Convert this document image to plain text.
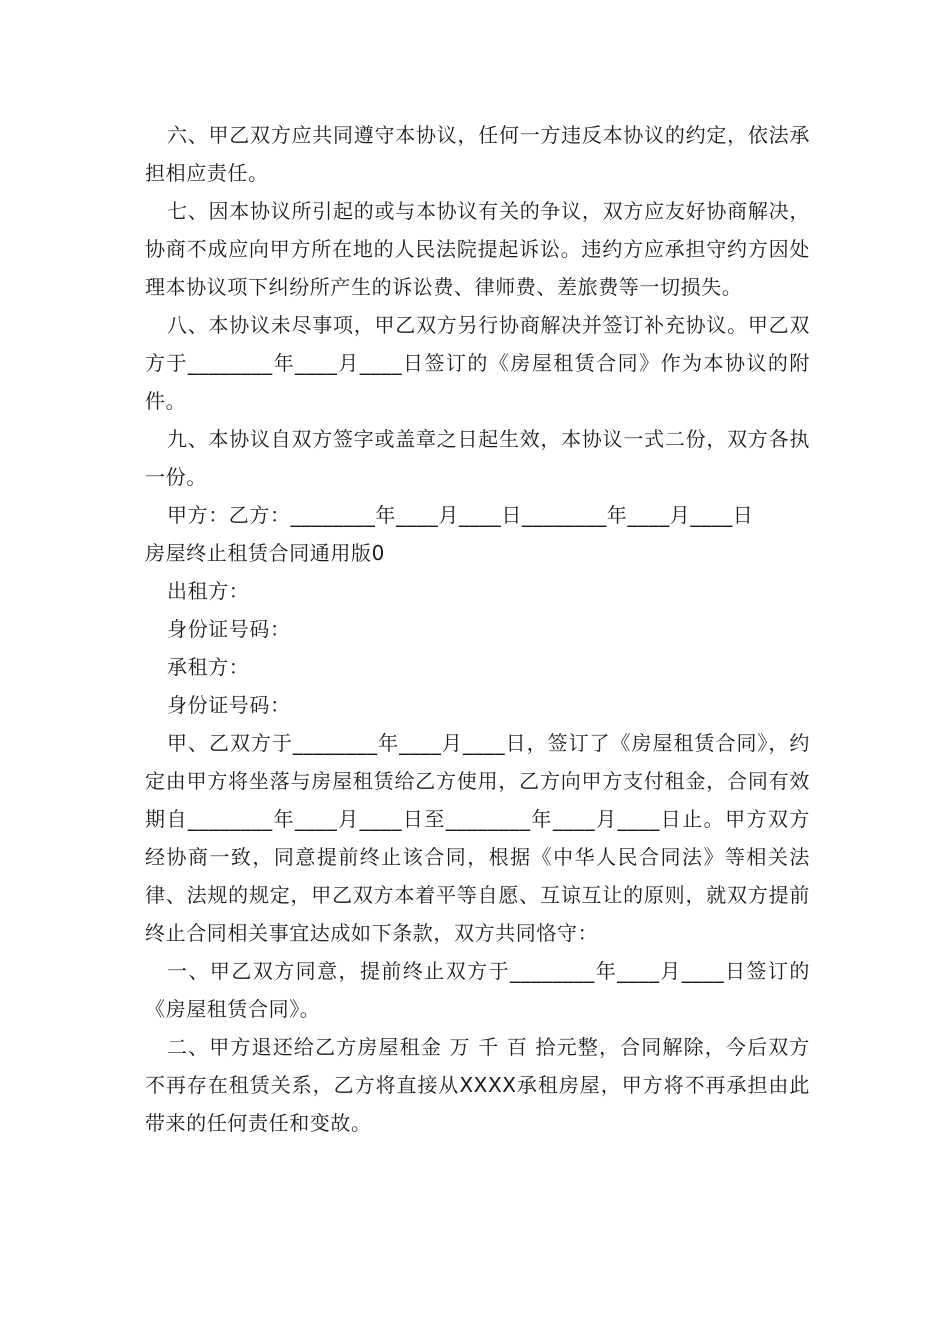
六、甲乙双方应共同遵守本协议，任何一方违反本协议的约定，依法承担相应责任。

七、因本协议所引起的或与本协议有关的争议，双方应友好协商解决，协商不成应向甲方所在地的人民法院提起诉讼。违约方应承担守约方因处理本协议项下纠纷所产生的诉讼费、律师费、差旅费等一切损失。

八、本协议未尽事项，甲乙双方另行协商解决并签订补充协议。甲乙双方于________年____月____日签订的《房屋租赁合同》作为本协议的附件。

九、本协议自双方签字或盖章之日起生效，本协议一式二份，双方各执一份。

甲方：乙方：________年____月____日________年____月____日

房屋终止租赁合同通用版0

出租方：

身份证号码：

承租方：

身份证号码：

甲、乙双方于________年____月____日，签订了《房屋租赁合同》，约定由甲方将坐落与房屋租赁给乙方使用，乙方向甲方支付租金，合同有效期自________年____月____日至________年____月____日止。甲方双方经协商一致，同意提前终止该合同，根据《中华人民合同法》等相关法律、法规的规定，甲乙双方本着平等自愿、互谅互让的原则，就双方提前终止合同相关事宜达成如下条款，双方共同恪守：

一、甲乙双方同意，提前终止双方于________年____月____日签订的《房屋租赁合同》。

二、甲方退还给乙方房屋租金 万 千 百 拾元整，合同解除，今后双方不再存在租赁关系，乙方将直接从XXXX承租房屋，甲方将不再承担由此带来的任何责任和变故。
